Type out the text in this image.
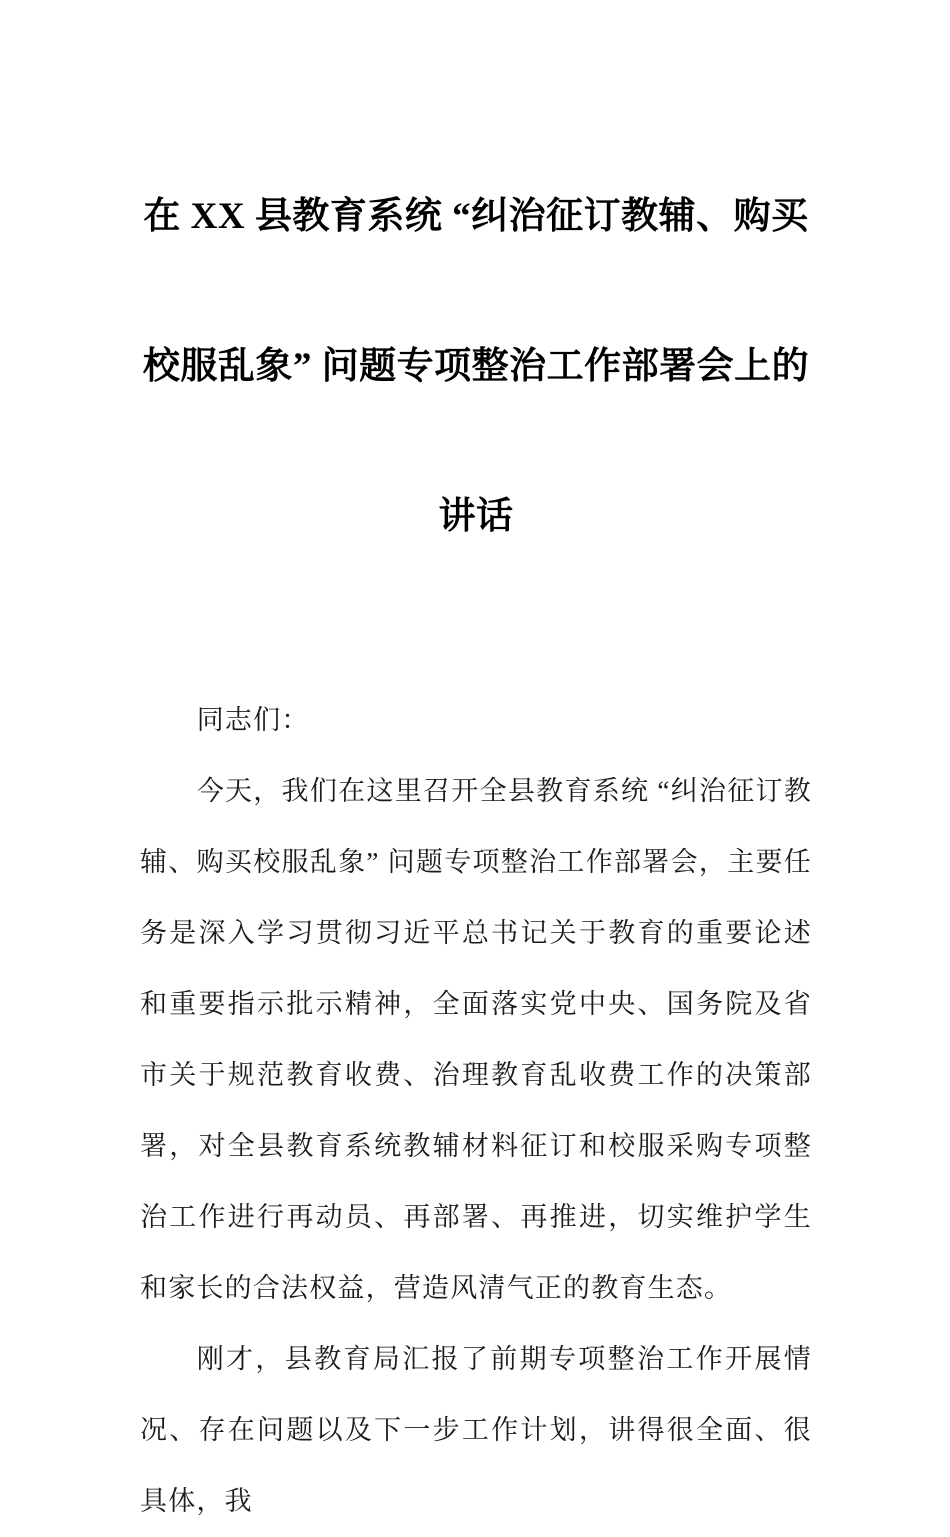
在 XX 县教育系统 “纠治征订教辅、购买

校服乱象” 问题专项整治工作部署会上的

讲话

同志们：

今天，我们在这里召开全县教育系统 “纠治征订教辅、购买校服乱象” 问题专项整治工作部署会，主要任务是深入学习贯彻习近平总书记关于教育的重要论述和重要指示批示精神，全面落实党中央、国务院及省市关于规范教育收费、治理教育乱收费工作的决策部署，对全县教育系统教辅材料征订和校服采购专项整治工作进行再动员、再部署、再推进，切实维护学生和家长的合法权益，营造风清气正的教育生态。

刚才，县教育局汇报了前期专项整治工作开展情况、存在问题以及下一步工作计划，讲得很全面、很具体，我
